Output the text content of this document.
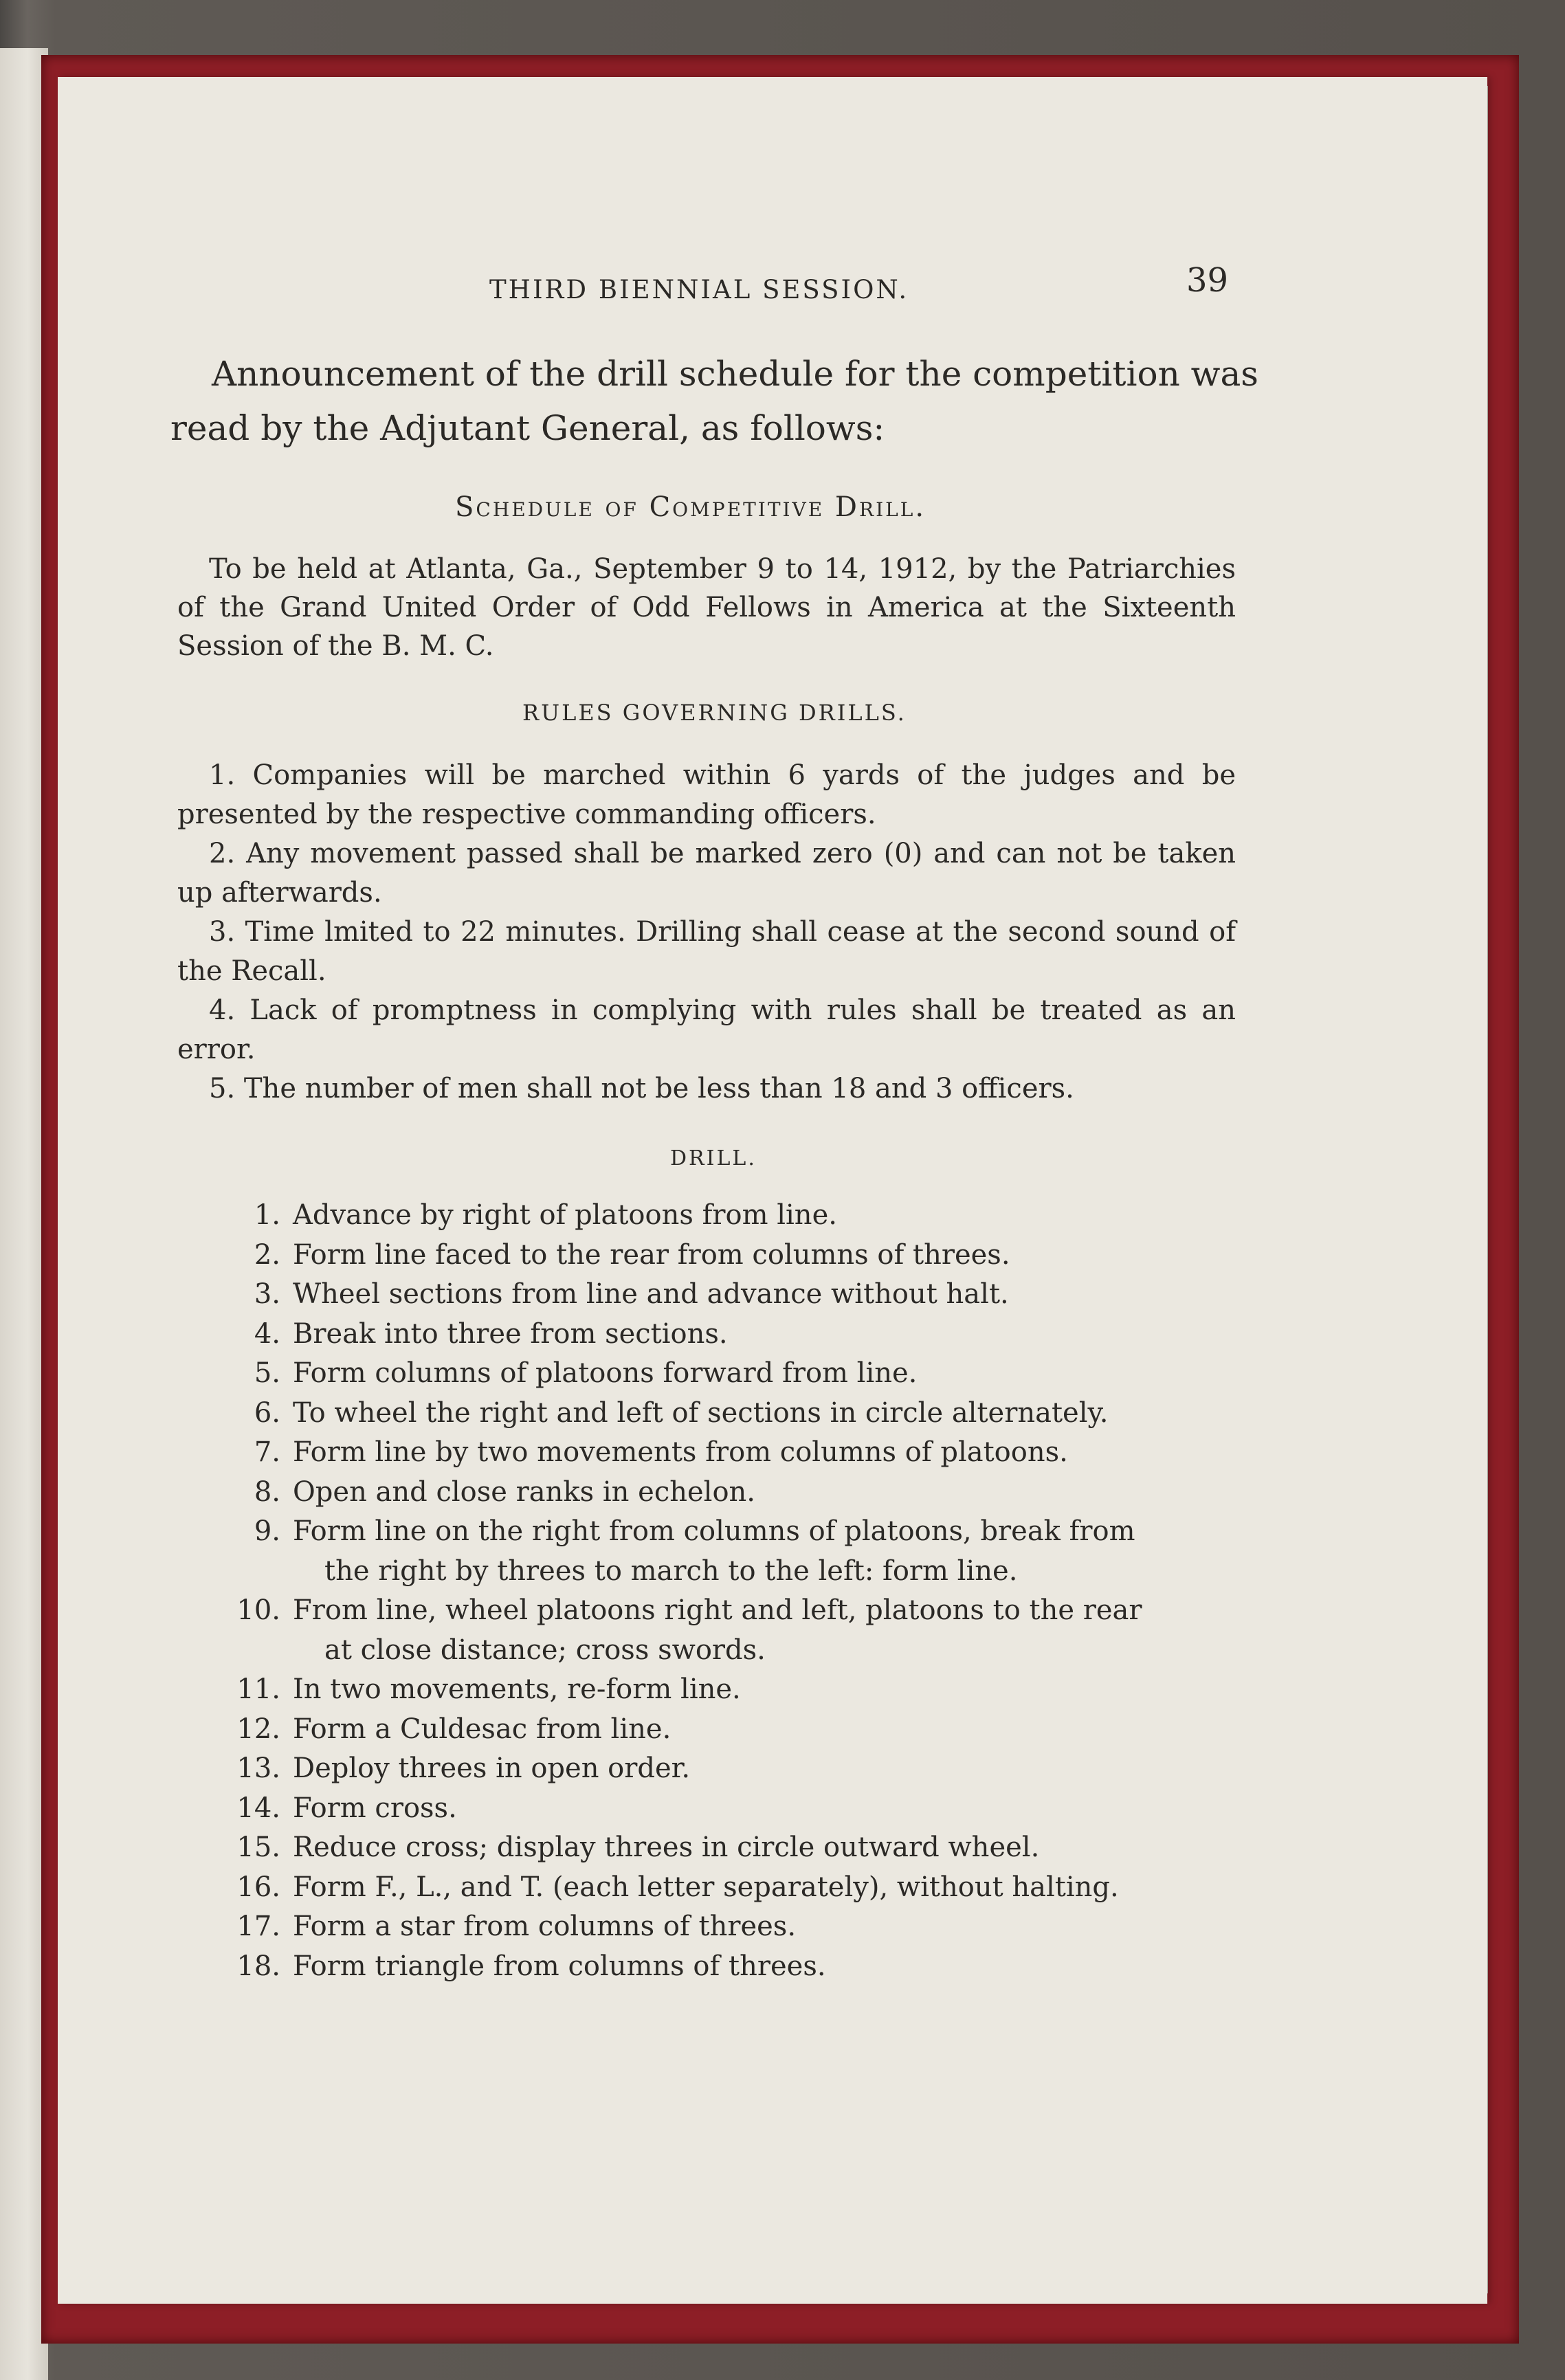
THIRD BIENNIAL SESSION.	39
Announcement of the drill schedule for the competition was
read by the Adjutant General, as follows:
Schedule of Competitive Drill.
To be held at Atlanta, Ga., September 9 to 14, 1912, by the Patriarchies of the Grand United Order of Odd Fellows in America at the Sixteenth Session of the B. M. C.
RULES GOVERNING DRILLS.

1. Companies will be marched within 6 yards of the judges and be presented by the respective commanding officers.

2. Any movement passed shall be marked zero (0) and can not be taken up afterwards.

3. Time lmited to 22 minutes. Drilling shall cease at the second sound of the Recall.

4. Lack of promptness in complying with rules shall be treated as an error.

5. The number of men shall not be less than 18 and 3 officers.

DRILL.
1. Advance by right of platoons from line.
2. Form line faced to the rear from columns of threes.
3. Wheel sections from line and advance without halt.
4. Break into three from sections.
5. Form columns of platoons forward from line.
6. To wheel the right and left of sections in circle alternately.
7. Form line by two movements from columns of platoons.
8. Open and close ranks in echelon.
9. Form line on the right from columns of platoons, break from
the right by threes to march to the left: form line.
10. From line, wheel platoons right and left, platoons to the rear
at close distance; cross swords.
11. In two movements, re-form line.
12. Form a Culdesac from line.
13. Deploy threes in open order.
14. Form cross.
15. Reduce cross; display threes in circle outward wheel.
16. Form F., L., and T. (each letter separately), without halting.
17. Form a star from columns of threes.
18. Form triangle from columns of threes.
